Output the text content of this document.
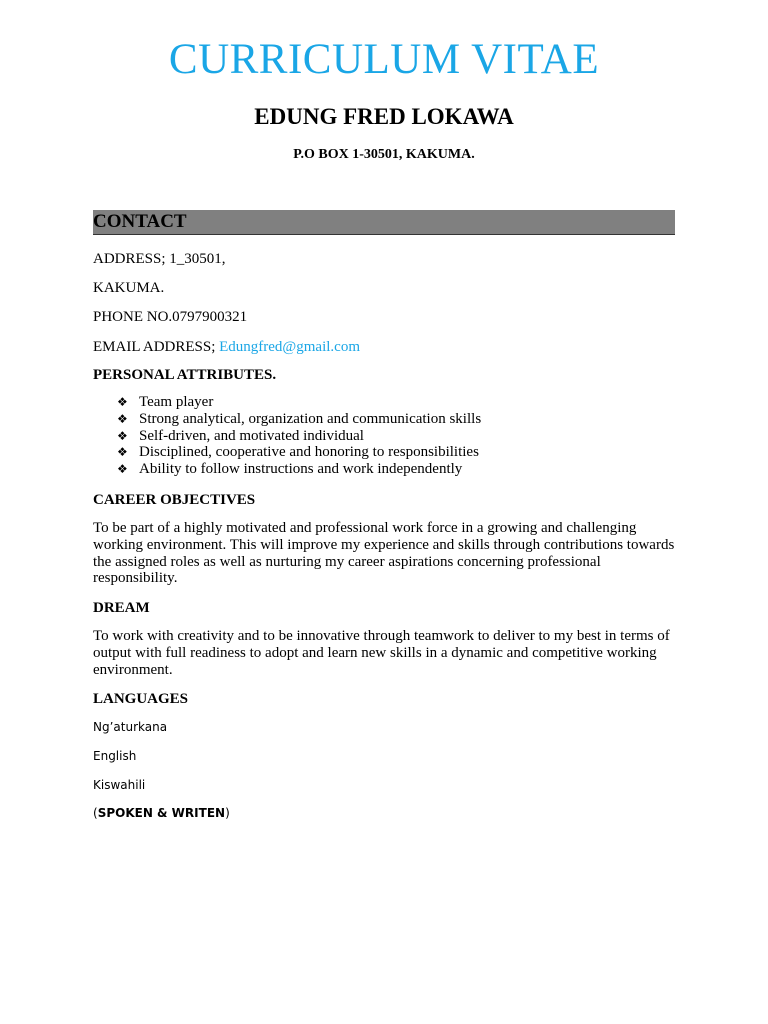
CURRICULUM VITAE
EDUNG FRED LOKAWA
P.O BOX 1-30501, KAKUMA.
CONTACT
ADDRESS; 1_30501,
KAKUMA.
PHONE NO.0797900321
EMAIL ADDRESS; Edungfred@gmail.com
PERSONAL ATTRIBUTES.
❖ Team player
❖ Strong analytical, organization and communication skills
❖ Self-driven, and motivated individual
❖ Disciplined, cooperative and honoring to responsibilities
❖ Ability to follow instructions and work independently
CAREER OBJECTIVES
To be part of a highly motivated and professional work force in a growing and challenging working environment. This will improve my experience and skills through contributions towards the assigned roles as well as nurturing my career aspirations concerning professional responsibility.
DREAM
To work with creativity and to be innovative through teamwork to deliver to my best in terms of output with full readiness to adopt and learn new skills in a dynamic and competitive working environment.
LANGUAGES
Ng’aturkana
English
Kiswahili
(SPOKEN & WRITEN)
